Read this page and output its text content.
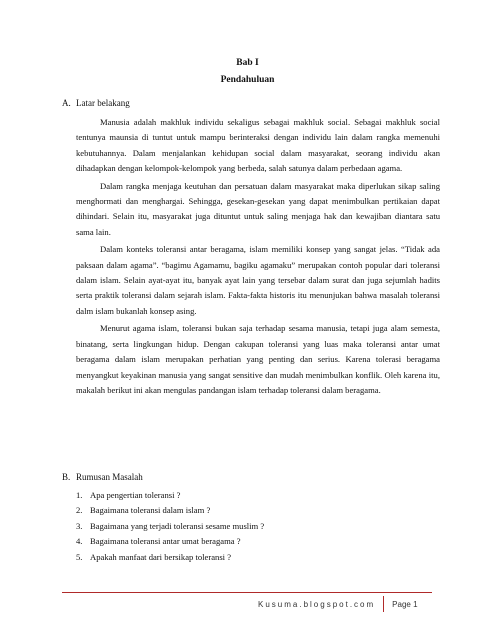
Bab I
Pendahuluan
A. Latar belakang

Manusia adalah makhluk individu sekaligus sebagai makhluk social. Sebagai makhluk social tentunya maunsia di tuntut untuk mampu berinteraksi dengan individu lain dalam rangka memenuhi kebutuhannya. Dalam menjalankan kehidupan social dalam masyarakat, seorang individu akan dihadapkan dengan kelompok-kelompok yang berbeda, salah satunya dalam perbedaan agama.

Dalam rangka menjaga keutuhan dan persatuan dalam masyarakat maka diperlukan sikap saling menghormati dan menghargai. Sehingga, gesekan-gesekan yang dapat menimbulkan pertikaian dapat dihindari. Selain itu, masyarakat juga dituntut untuk saling menjaga hak dan kewajiban diantara satu sama lain.

Dalam konteks toleransi antar beragama, islam memiliki konsep yang sangat jelas. “Tidak ada paksaan dalam agama”. “bagimu Agamamu, bagiku agamaku” merupakan contoh popular dari toleransi dalam islam. Selain ayat-ayat itu, banyak ayat lain yang tersebar dalam surat dan juga sejumlah hadits serta praktik toleransi dalam sejarah islam. Fakta-fakta historis itu menunjukan bahwa masalah toleransi dalm islam bukanlah konsep asing.

Menurut agama islam, toleransi bukan saja terhadap sesama manusia, tetapi juga alam semesta, binatang, serta lingkungan hidup. Dengan cakupan toleransi yang luas maka toleransi antar umat beragama dalam islam merupakan perhatian yang penting dan serius. Karena tolerasi beragama menyangkut keyakinan manusia yang sangat sensitive dan mudah menimbulkan konflik. Oleh karena itu, makalah berikut ini akan mengulas pandangan islam terhadap toleransi dalam beragama.

B. Rumusan Masalah
1. Apa pengertian toleransi ?
2. Bagaimana toleransi dalam islam ?
3. Bagaimana yang terjadi toleransi sesame muslim ?
4. Bagaimana toleransi antar umat beragama ?
5. Apakah manfaat dari bersikap toleransi ?
Kusuma.blogspot.com Page 1
